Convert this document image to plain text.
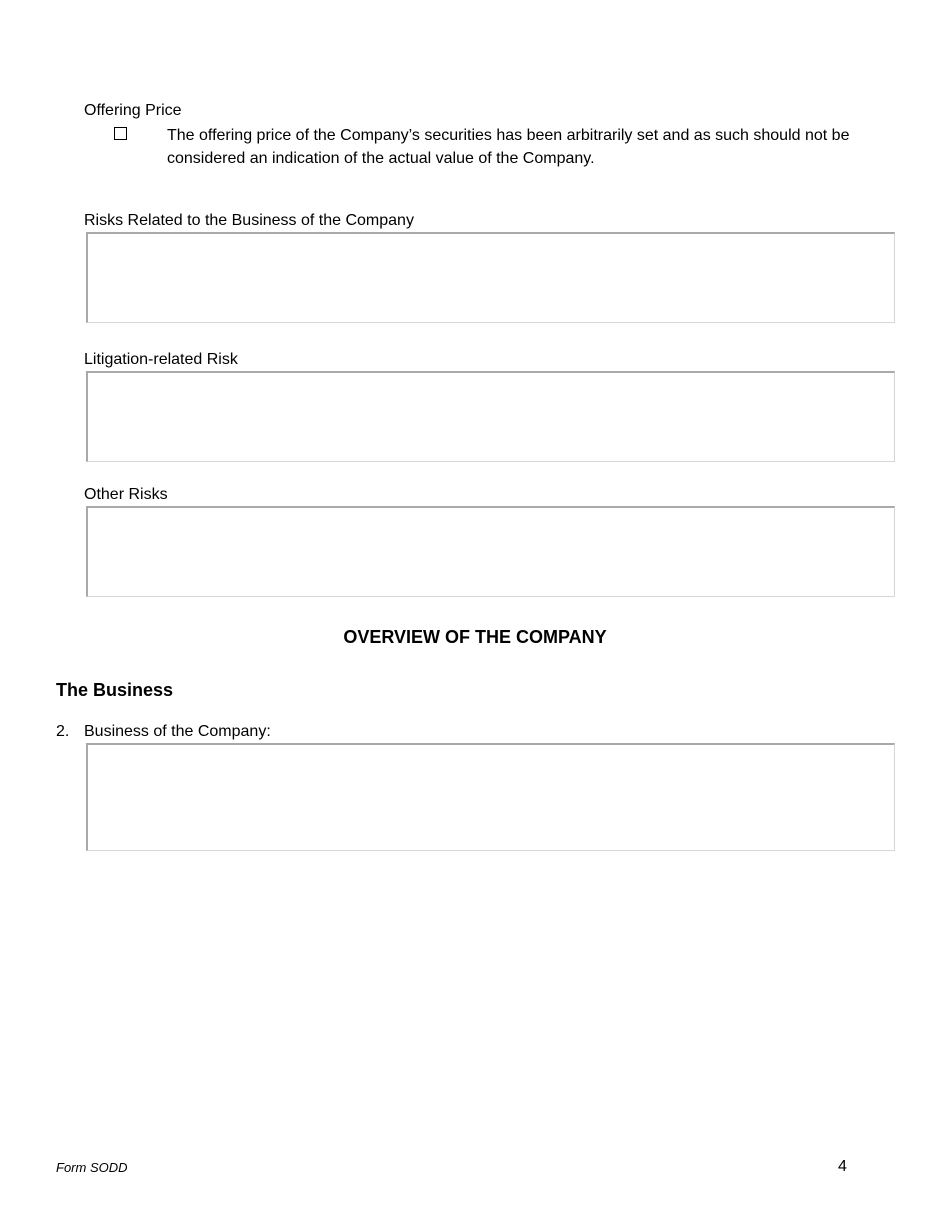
Offering Price
The offering price of the Company’s securities has been arbitrarily set and as such should not be considered an indication of the actual value of the Company.
Risks Related to the Business of the Company
Litigation-related Risk
Other Risks
OVERVIEW OF THE COMPANY
The Business
2. Business of the Company:
Form SODD	4
